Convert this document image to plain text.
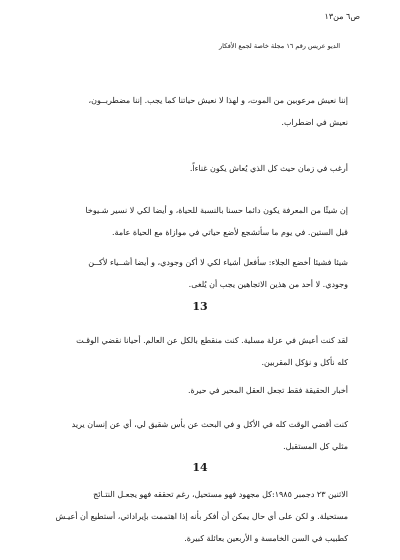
ص٦ من١٣
الديو عريس رقم ١٦ مجلة خاصة لجمع الأفكار
إننا نعيش مرعوبين من الموت، و لهذا لا نعيش حياتنا كما يجب. إننا مضطربــون،
نعيش في اضطراب.
أرغب في زمان حيث كل الذي يُعاش يكون غناءاً.
إن شيئًا من المعرفة يكون دائما حسنا بالنسبة للحياة، و أيضا لكي لا نسير شـيوخا
قبل الستين. في يوم ما سأتشجع لأضع حياتي في موازاة مع الحياة عامة.
شيئا فشيئا أخضع الجلاء: سأفعل أشياء لكي لا أكن وجودي، و أيضا أشــياء لأكــن
وجودي. لا أحد من هذين الاتجاهين يجب أن يُلغى.
13
لقد كنت أعيش في عزلة مسلية. كنت منقطع بالكل عن العالم. أحيانا نقضي الوقـت
كله نأكل و نؤكل المقربين.
أخبار الحقيقة فقط تجعل العقل المحير في حيرة.
كنت أقضي الوقت كله في الأكل و في البحث عن بأس شقيق لي، أي عن إنسان يريد
مثلي كل المستقبل.
14
الاثنين ٢٣ دجمبر ١٩٨٥:كل مجهود فهو مستحيل، رغم تحققه فهو يجعـل النتـائج
مستحيلة. و لكن على أي حال يمكن أن أفكر بأنه إذا اهتممت بإيراداتي، أستطيع أن أعيـش
كطبيب في السن الخامسة و الأربعين بعائلة كبيرة.
